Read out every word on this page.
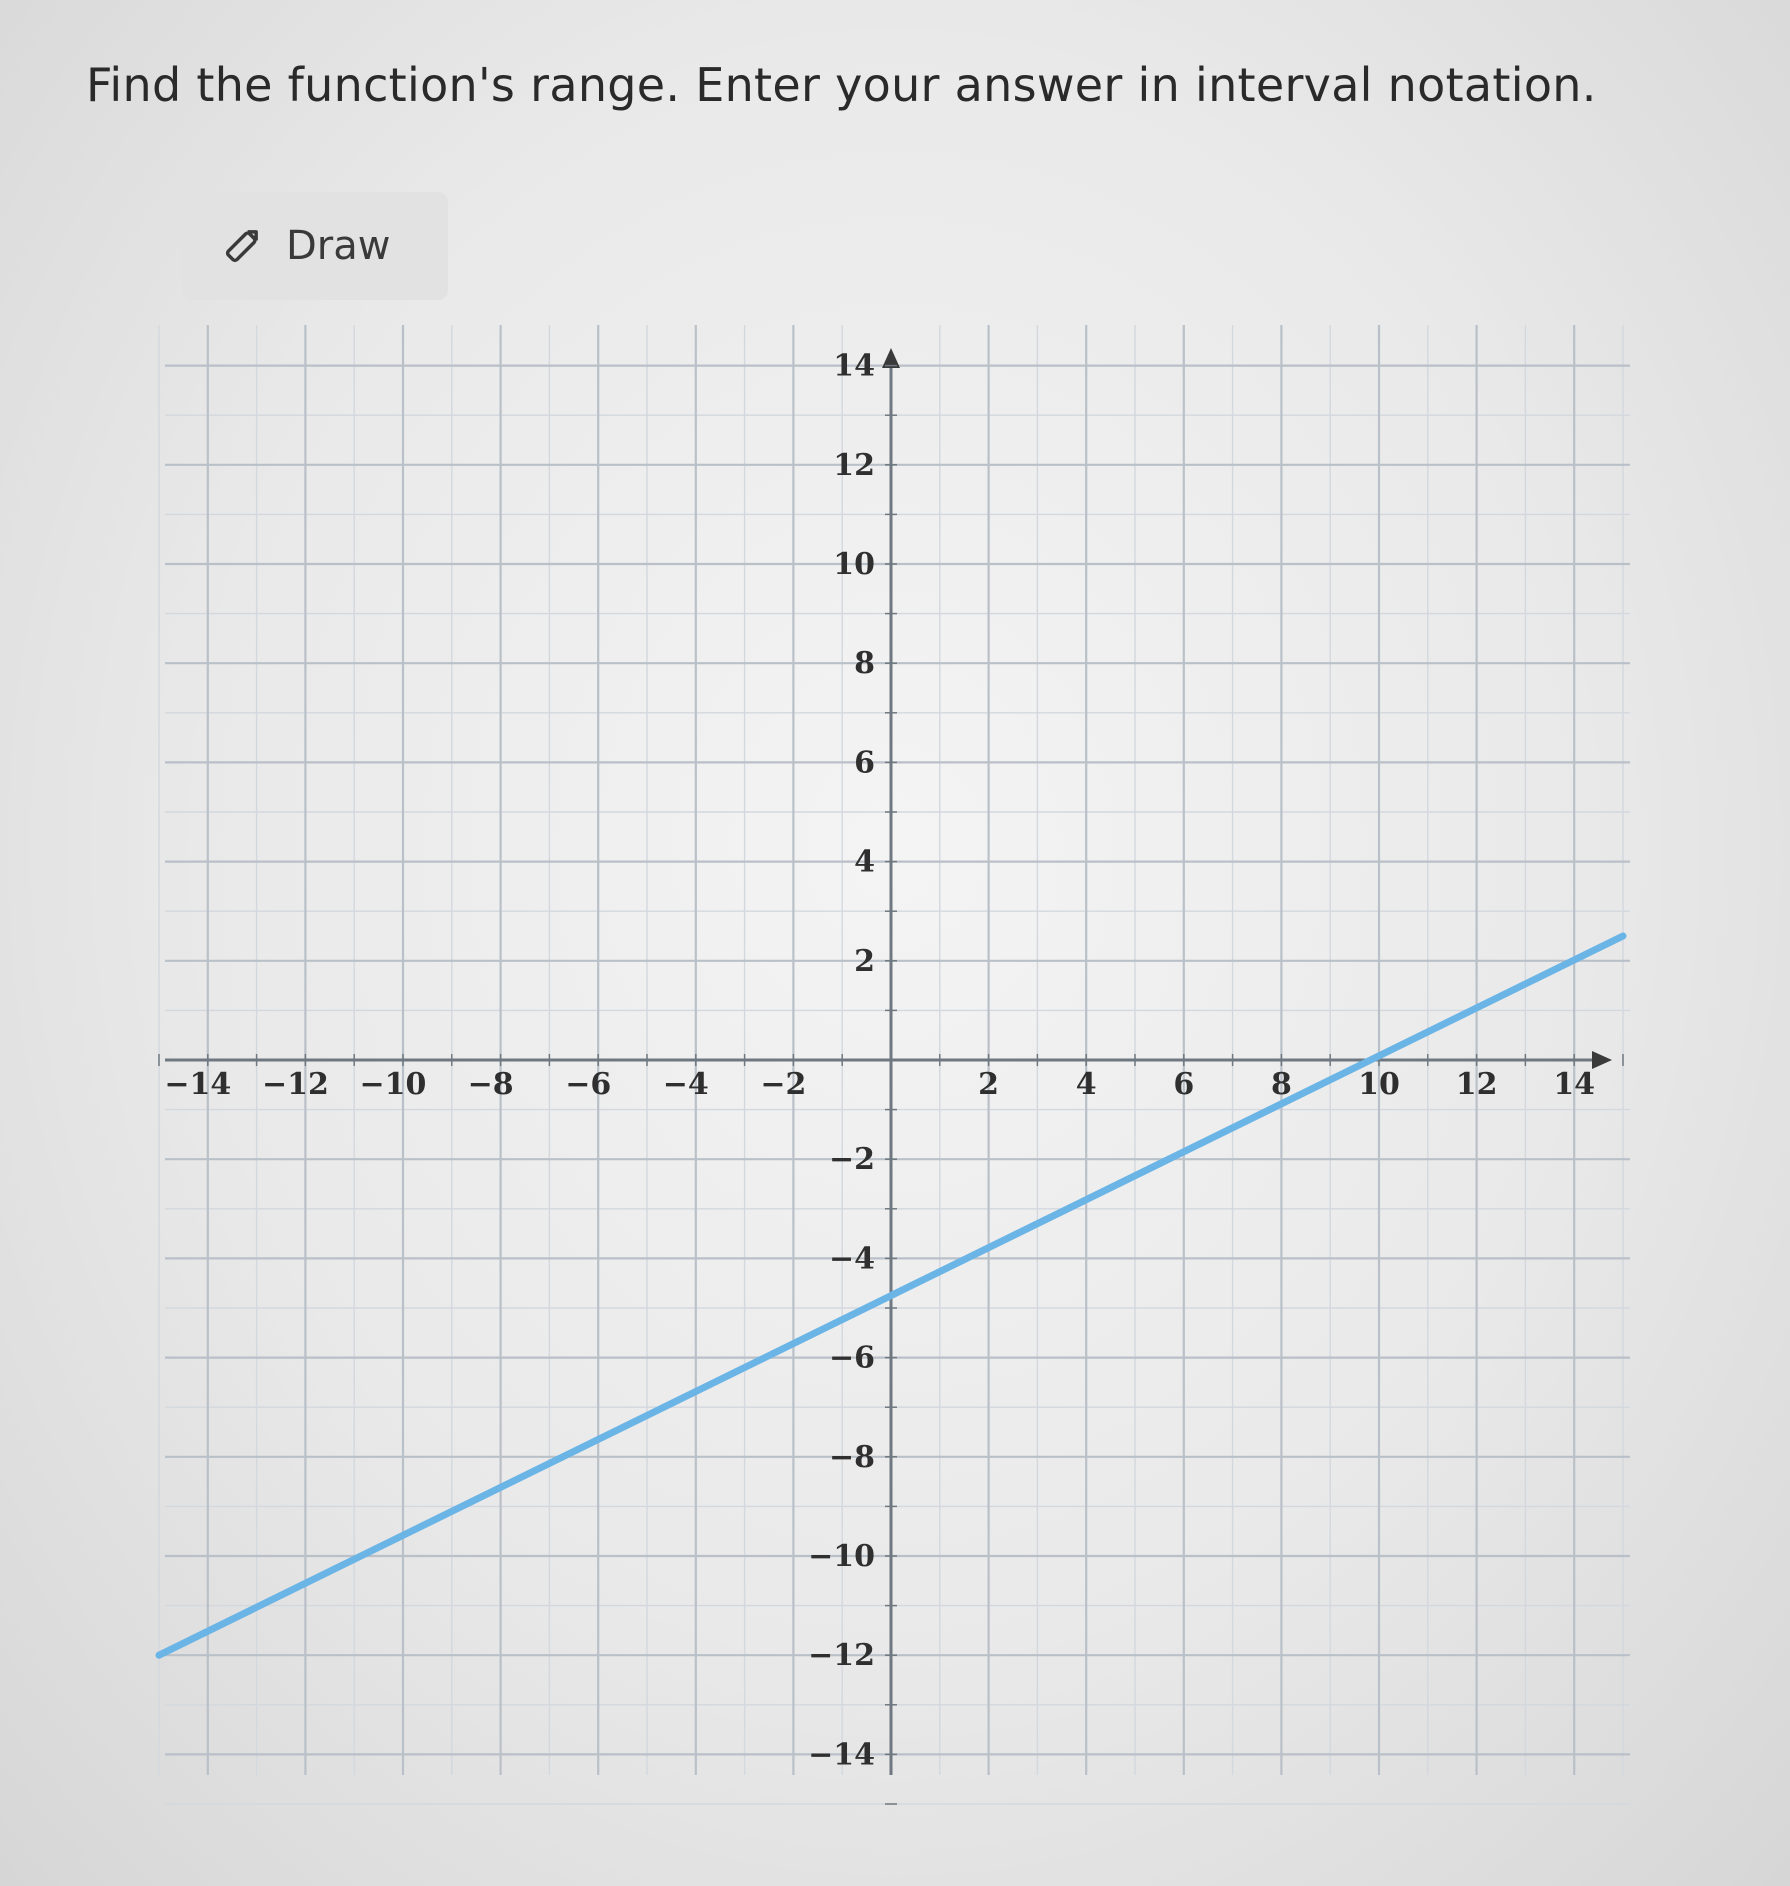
Find the function's range. Enter your answer in interval notation.
Draw
−14 −12 −10 −8 −6 −4 −2	2	4	6	8 10 12 14
14
12
10
8
6
4
2
−2
−4
−6
−8
−10
−12
−14
